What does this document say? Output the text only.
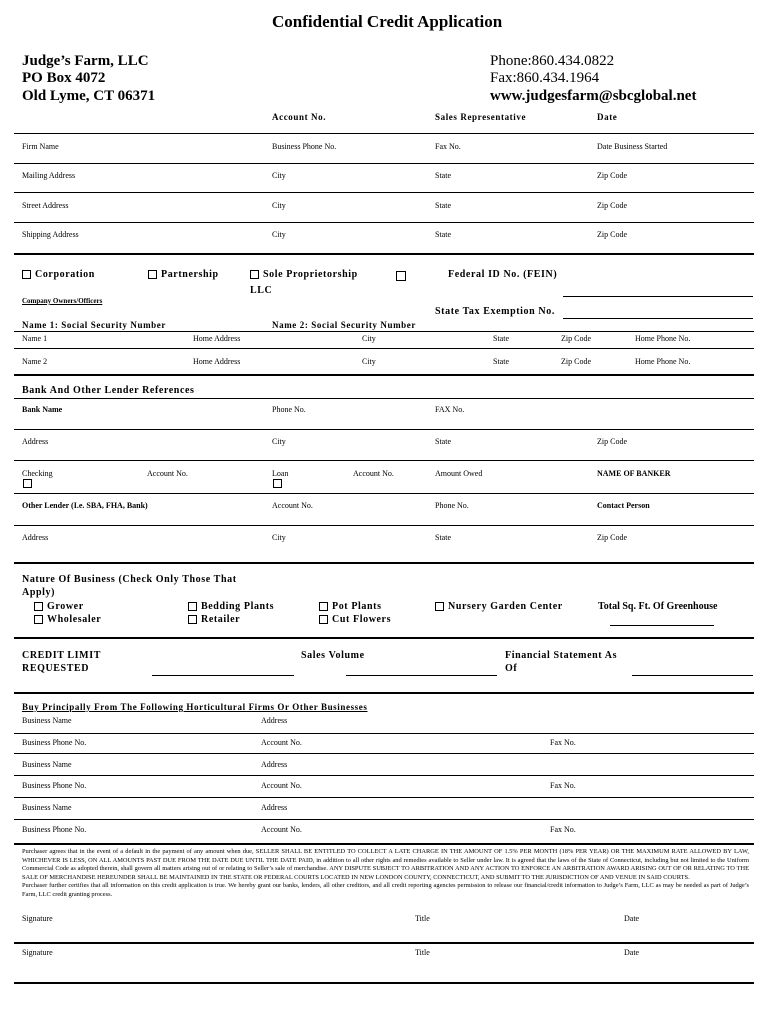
Confidential Credit Application
Judge’s Farm, LLC
PO Box 4072
Old Lyme, CT 06371
Phone:860.434.0822
Fax:860.434.1964
www.judgesfarm@sbcglobal.net
Account No.	Sales Representative	Date
Firm Name	Business Phone No.	Fax No.	Date Business Started
Mailing Address	City	State	Zip Code
Street Address	City	State	Zip Code
Shipping Address	City	State	Zip Code
Corporation	Partnership	Sole Proprietorship
LLC
Federal ID No. (FEIN)
Company Owners/Officers
State Tax Exemption No.
Name 1: Social Security Number	Name 2: Social Security Number
Name 1	Home Address	City	State	Zip Code	Home Phone No.
Name 2	Home Address	City	State	Zip Code	Home Phone No.
Bank And Other Lender References
Bank Name	Phone No.	FAX No.
Address	City	State	Zip Code
Checking	Account No.	Loan	Account No.	Amount Owed	NAME OF BANKER
Other Lender (I.e. SBA, FHA, Bank)	Account No.	Phone No.	Contact Person
Address	City	State	Zip Code
Nature Of Business (Check Only Those That
Apply)
Grower
Wholesaler
Bedding Plants
Retailer
Pot Plants
Cut Flowers
Nursery Garden Center	Total Sq. Ft. Of Greenhouse
CREDIT LIMIT
REQUESTED
Sales Volume	Financial Statement As
Of
Buy Principally From The Following Horticultural Firms Or Other Businesses
Business Name	Address
Business Phone No.	Account No.	Fax No.
Business Name	Address
Business Phone No.	Account No.	Fax No.
Business Name	Address
Business Phone No.	Account No.	Fax No.
Purchaser agrees that in the event of a default in the payment of any amount when due, SELLER SHALL BE ENTITLED TO COLLECT A LATE CHARGE IN THE AMOUNT OF 1.5% PER MONTH (18% PER YEAR) OR THE MAXIMUM RATE ALLOWED BY LAW, WHICHEVER IS LESS, ON ALL AMOUNTS PAST DUE FROM THE DATE DUE UNTIL THE DATE PAID, in addition to all other rights and remedies available to Seller under law. It is agreed that the laws of the State of Connecticut, including but not limited to the Uniform Commercial Code as adopted therein, shall govern all matters arising out of or relating to Seller’s sale of merchandise. ANY DISPUTE SUBJECT TO ARBITRATION AND ANY ACTION TO ENFORCE AN ARBITRATION AWARD ARISING OUT OF OR RELATING TO THE SALE OF MERCHANDISE HEREUNDER SHALL BE MAINTAINED IN THE STATE OR FEDERAL COURTS LOCATED IN NEW LONDON COUNTY, CONNECTICUT, AND SUBMIT TO THE JURISDICTION OF AND VENUE IN SAID COURTS.
Purchaser further certifies that all information on this credit application is true. We hereby grant our banks, lenders, all other creditors, and all credit reporting agencies permission to release our financial/credit information to Judge’s Farm, LLC as may be needed as part of Judge’s Farm, LLC credit granting process.
Signature	Title	Date
Signature	Title	Date
